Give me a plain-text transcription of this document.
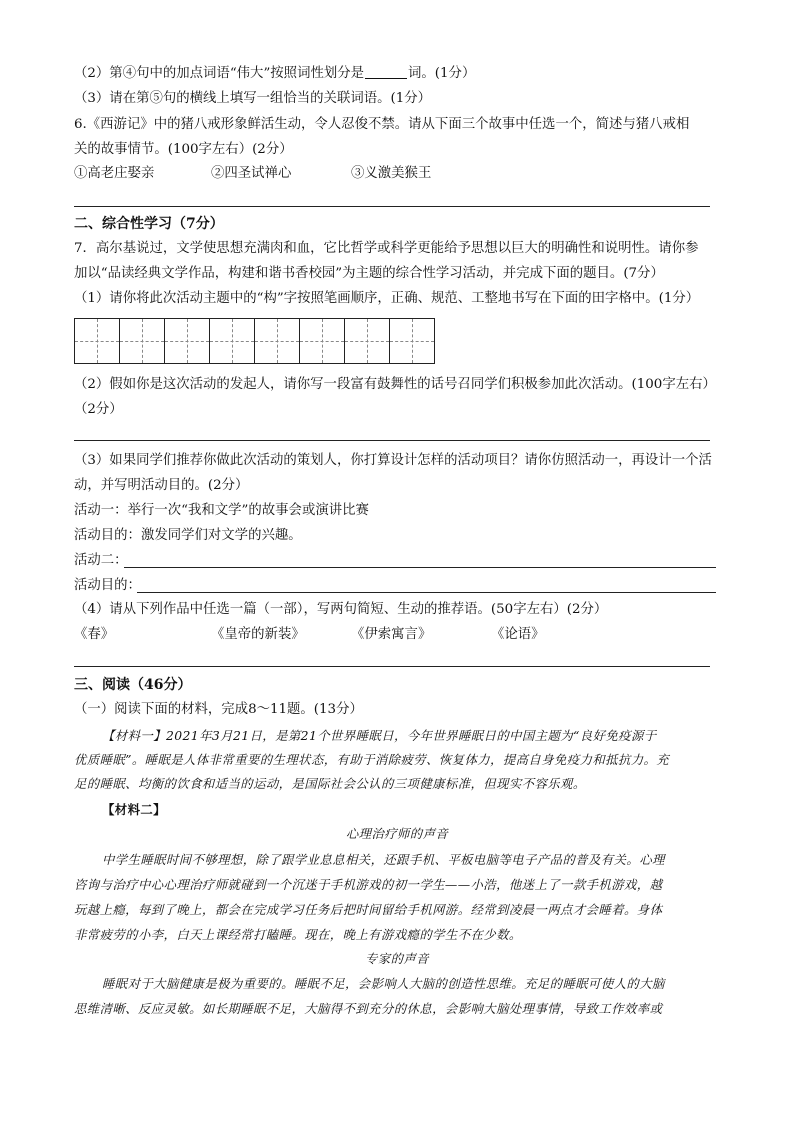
（2）第④句中的加点词语“伟大”按照词性划分是	词。(1分）
（3）请在第⑤句的横线上填写一组恰当的关联词语。(1分）
6.《西游记》中的猪八戒形象鲜活生动，令人忍俊不禁。请从下面三个故事中任选一个，简述与猪八戒相
关的故事情节。(100字左右）(2分）
①高老庄娶亲	②四圣试禅心	③义激美猴王
二、综合性学习（7分）
7．高尔基说过，文学使思想充满肉和血，它比哲学或科学更能给予思想以巨大的明确性和说明性。请你参
加以“品读经典文学作品，构建和谐书香校园”为主题的综合性学习活动，并完成下面的题目。(7分）
（1）请你将此次活动主题中的“构”字按照笔画顺序，正确、规范、工整地书写在下面的田字格中。(1分）
（2）假如你是这次活动的发起人，请你写一段富有鼓舞性的话号召同学们积极参加此次活动。(100字左右）
（2分）
（3）如果同学们推荐你做此次活动的策划人，你打算设计怎样的活动项目？请你仿照活动一，再设计一个活
动，并写明活动目的。(2分）
活动一：举行一次“我和文学”的故事会或演讲比赛
活动目的：激发同学们对文学的兴趣。
活动二：
活动目的：
（4）请从下列作品中任选一篇（一部），写两句简短、生动的推荐语。(50字左右）(2分）
《春》	《皇帝的新装》	《伊索寓言》	《论语》
三、阅读（46分）
（一）阅读下面的材料，完成8～11题。(13分）
【材料一】2021年3月21日，是第21个世界睡眠日，今年世界睡眠日的中国主题为“良好免疫源于
优质睡眠”。睡眠是人体非常重要的生理状态，有助于消除疲劳、恢复体力，提高自身免疫力和抵抗力。充
足的睡眠、均衡的饮食和适当的运动，是国际社会公认的三项健康标准，但现实不容乐观。
【材料二】
心理治疗师的声音
中学生睡眠时间不够理想，除了跟学业息息相关，还跟手机、平板电脑等电子产品的普及有关。心理
咨询与治疗中心心理治疗师就碰到一个沉迷于手机游戏的初一学生——小浩，他迷上了一款手机游戏，越
玩越上瘾，每到了晚上，都会在完成学习任务后把时间留给手机网游。经常到凌晨一两点才会睡着。身体
非常疲劳的小李，白天上课经常打瞌睡。现在，晚上有游戏瘾的学生不在少数。
专家的声音
睡眠对于大脑健康是极为重要的。睡眠不足，会影响人大脑的创造性思维。充足的睡眠可使人的大脑
思维清晰、反应灵敏。如长期睡眠不足，大脑得不到充分的休息，会影响大脑处理事情，导致工作效率或
